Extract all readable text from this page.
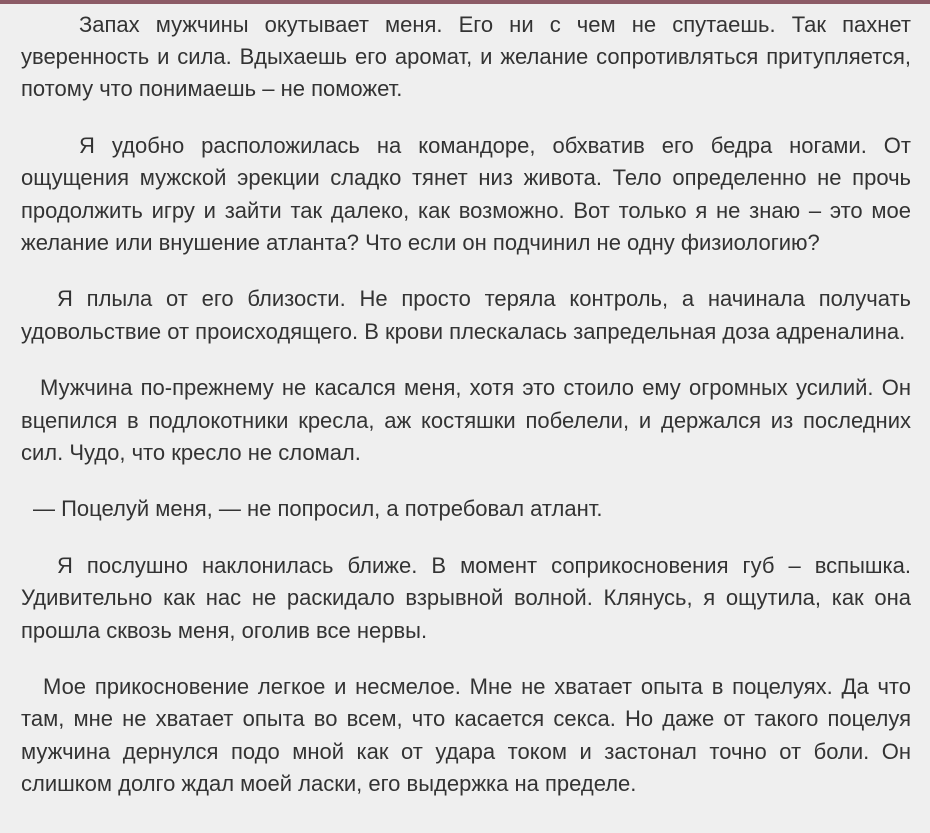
Запах мужчины окутывает меня. Его ни с чем не спутаешь. Так пахнет уверенность и сила. Вдыхаешь его аромат, и желание сопротивляться притупляется, потому что понимаешь – не поможет.

Я удобно расположилась на командоре, обхватив его бедра ногами. От ощущения мужской эрекции сладко тянет низ живота. Тело определенно не прочь продолжить игру и зайти так далеко, как возможно. Вот только я не знаю – это мое желание или внушение атланта? Что если он подчинил не одну физиологию?

Я плыла от его близости. Не просто теряла контроль, а начинала получать удовольствие от происходящего. В крови плескалась запредельная доза адреналина.

Мужчина по-прежнему не касался меня, хотя это стоило ему огромных усилий. Он вцепился в подлокотники кресла, аж костяшки побелели, и держался из последних сил. Чудо, что кресло не сломал.

— Поцелуй меня, — не попросил, а потребовал атлант.

Я послушно наклонилась ближе. В момент соприкосновения губ – вспышка. Удивительно как нас не раскидало взрывной волной. Клянусь, я ощутила, как она прошла сквозь меня, оголив все нервы.

Мое прикосновение легкое и несмелое. Мне не хватает опыта в поцелуях. Да что там, мне не хватает опыта во всем, что касается секса. Но даже от такого поцелуя мужчина дернулся подо мной как от удара током и застонал точно от боли. Он слишком долго ждал моей ласки, его выдержка на пределе.
